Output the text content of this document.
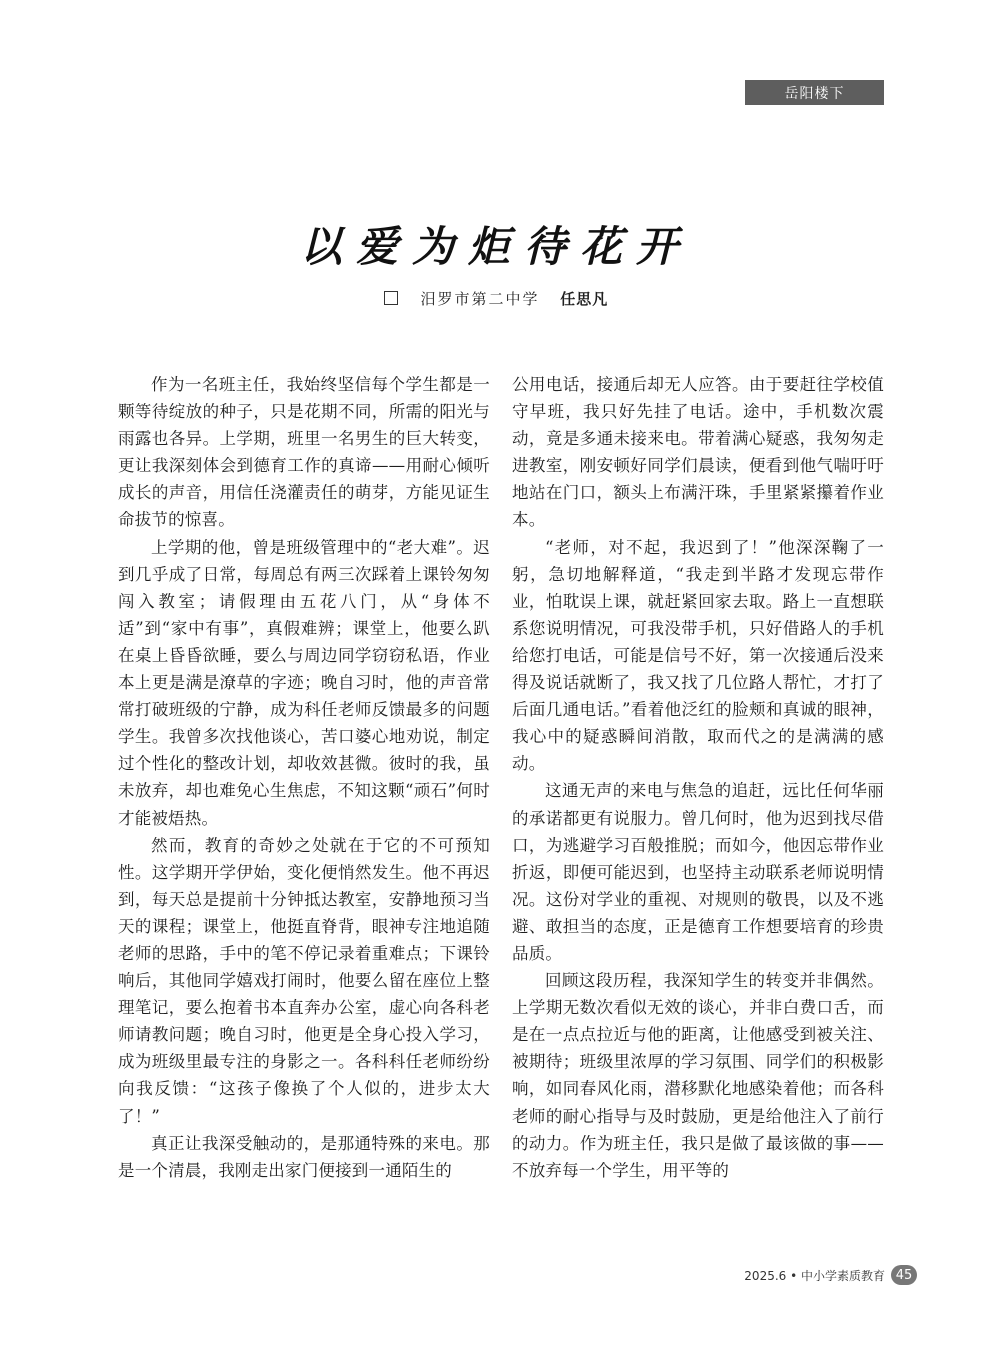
岳阳楼下
以爱为炬待花开
汨罗市第二中学 任思凡

作为一名班主任，我始终坚信每个学生都是一颗等待绽放的种子，只是花期不同，所需的阳光与雨露也各异。上学期，班里一名男生的巨大转变，更让我深刻体会到德育工作的真谛——用耐心倾听成长的声音，用信任浇灌责任的萌芽，方能见证生命拔节的惊喜。

上学期的他，曾是班级管理中的“老大难”。迟到几乎成了日常，每周总有两三次踩着上课铃匆匆闯入教室；请假理由五花八门，从“身体不适”到“家中有事”，真假难辨；课堂上，他要么趴在桌上昏昏欲睡，要么与周边同学窃窃私语，作业本上更是满是潦草的字迹；晚自习时，他的声音常常打破班级的宁静，成为科任老师反馈最多的问题学生。我曾多次找他谈心，苦口婆心地劝说，制定过个性化的整改计划，却收效甚微。彼时的我，虽未放弃，却也难免心生焦虑，不知这颗“顽石”何时才能被焐热。

然而，教育的奇妙之处就在于它的不可预知性。这学期开学伊始，变化便悄然发生。他不再迟到，每天总是提前十分钟抵达教室，安静地预习当天的课程；课堂上，他挺直脊背，眼神专注地追随老师的思路，手中的笔不停记录着重难点；下课铃响后，其他同学嬉戏打闹时，他要么留在座位上整理笔记，要么抱着书本直奔办公室，虚心向各科老师请教问题；晚自习时，他更是全身心投入学习，成为班级里最专注的身影之一。各科科任老师纷纷向我反馈：“这孩子像换了个人似的，进步太大了！”

真正让我深受触动的，是那通特殊的来电。那是一个清晨，我刚走出家门便接到一通陌生的

公用电话，接通后却无人应答。由于要赶往学校值守早班，我只好先挂了电话。途中，手机数次震动，竟是多通未接来电。带着满心疑惑，我匆匆走进教室，刚安顿好同学们晨读，便看到他气喘吁吁地站在门口，额头上布满汗珠，手里紧紧攥着作业本。

“老师，对不起，我迟到了！”他深深鞠了一躬，急切地解释道，“我走到半路才发现忘带作业，怕耽误上课，就赶紧回家去取。路上一直想联系您说明情况，可我没带手机，只好借路人的手机给您打电话，可能是信号不好，第一次接通后没来得及说话就断了，我又找了几位路人帮忙，才打了后面几通电话。”看着他泛红的脸颊和真诚的眼神，我心中的疑惑瞬间消散，取而代之的是满满的感动。

这通无声的来电与焦急的追赶，远比任何华丽的承诺都更有说服力。曾几何时，他为迟到找尽借口，为逃避学习百般推脱；而如今，他因忘带作业折返，即便可能迟到，也坚持主动联系老师说明情况。这份对学业的重视、对规则的敬畏，以及不逃避、敢担当的态度，正是德育工作想要培育的珍贵品质。

回顾这段历程，我深知学生的转变并非偶然。上学期无数次看似无效的谈心，并非白费口舌，而是在一点点拉近与他的距离，让他感受到被关注、被期待；班级里浓厚的学习氛围、同学们的积极影响，如同春风化雨，潜移默化地感染着他；而各科老师的耐心指导与及时鼓励，更是给他注入了前行的动力。作为班主任，我只是做了最该做的事——不放弃每一个学生，用平等的

2025.6 • 中小学素质教育 45
